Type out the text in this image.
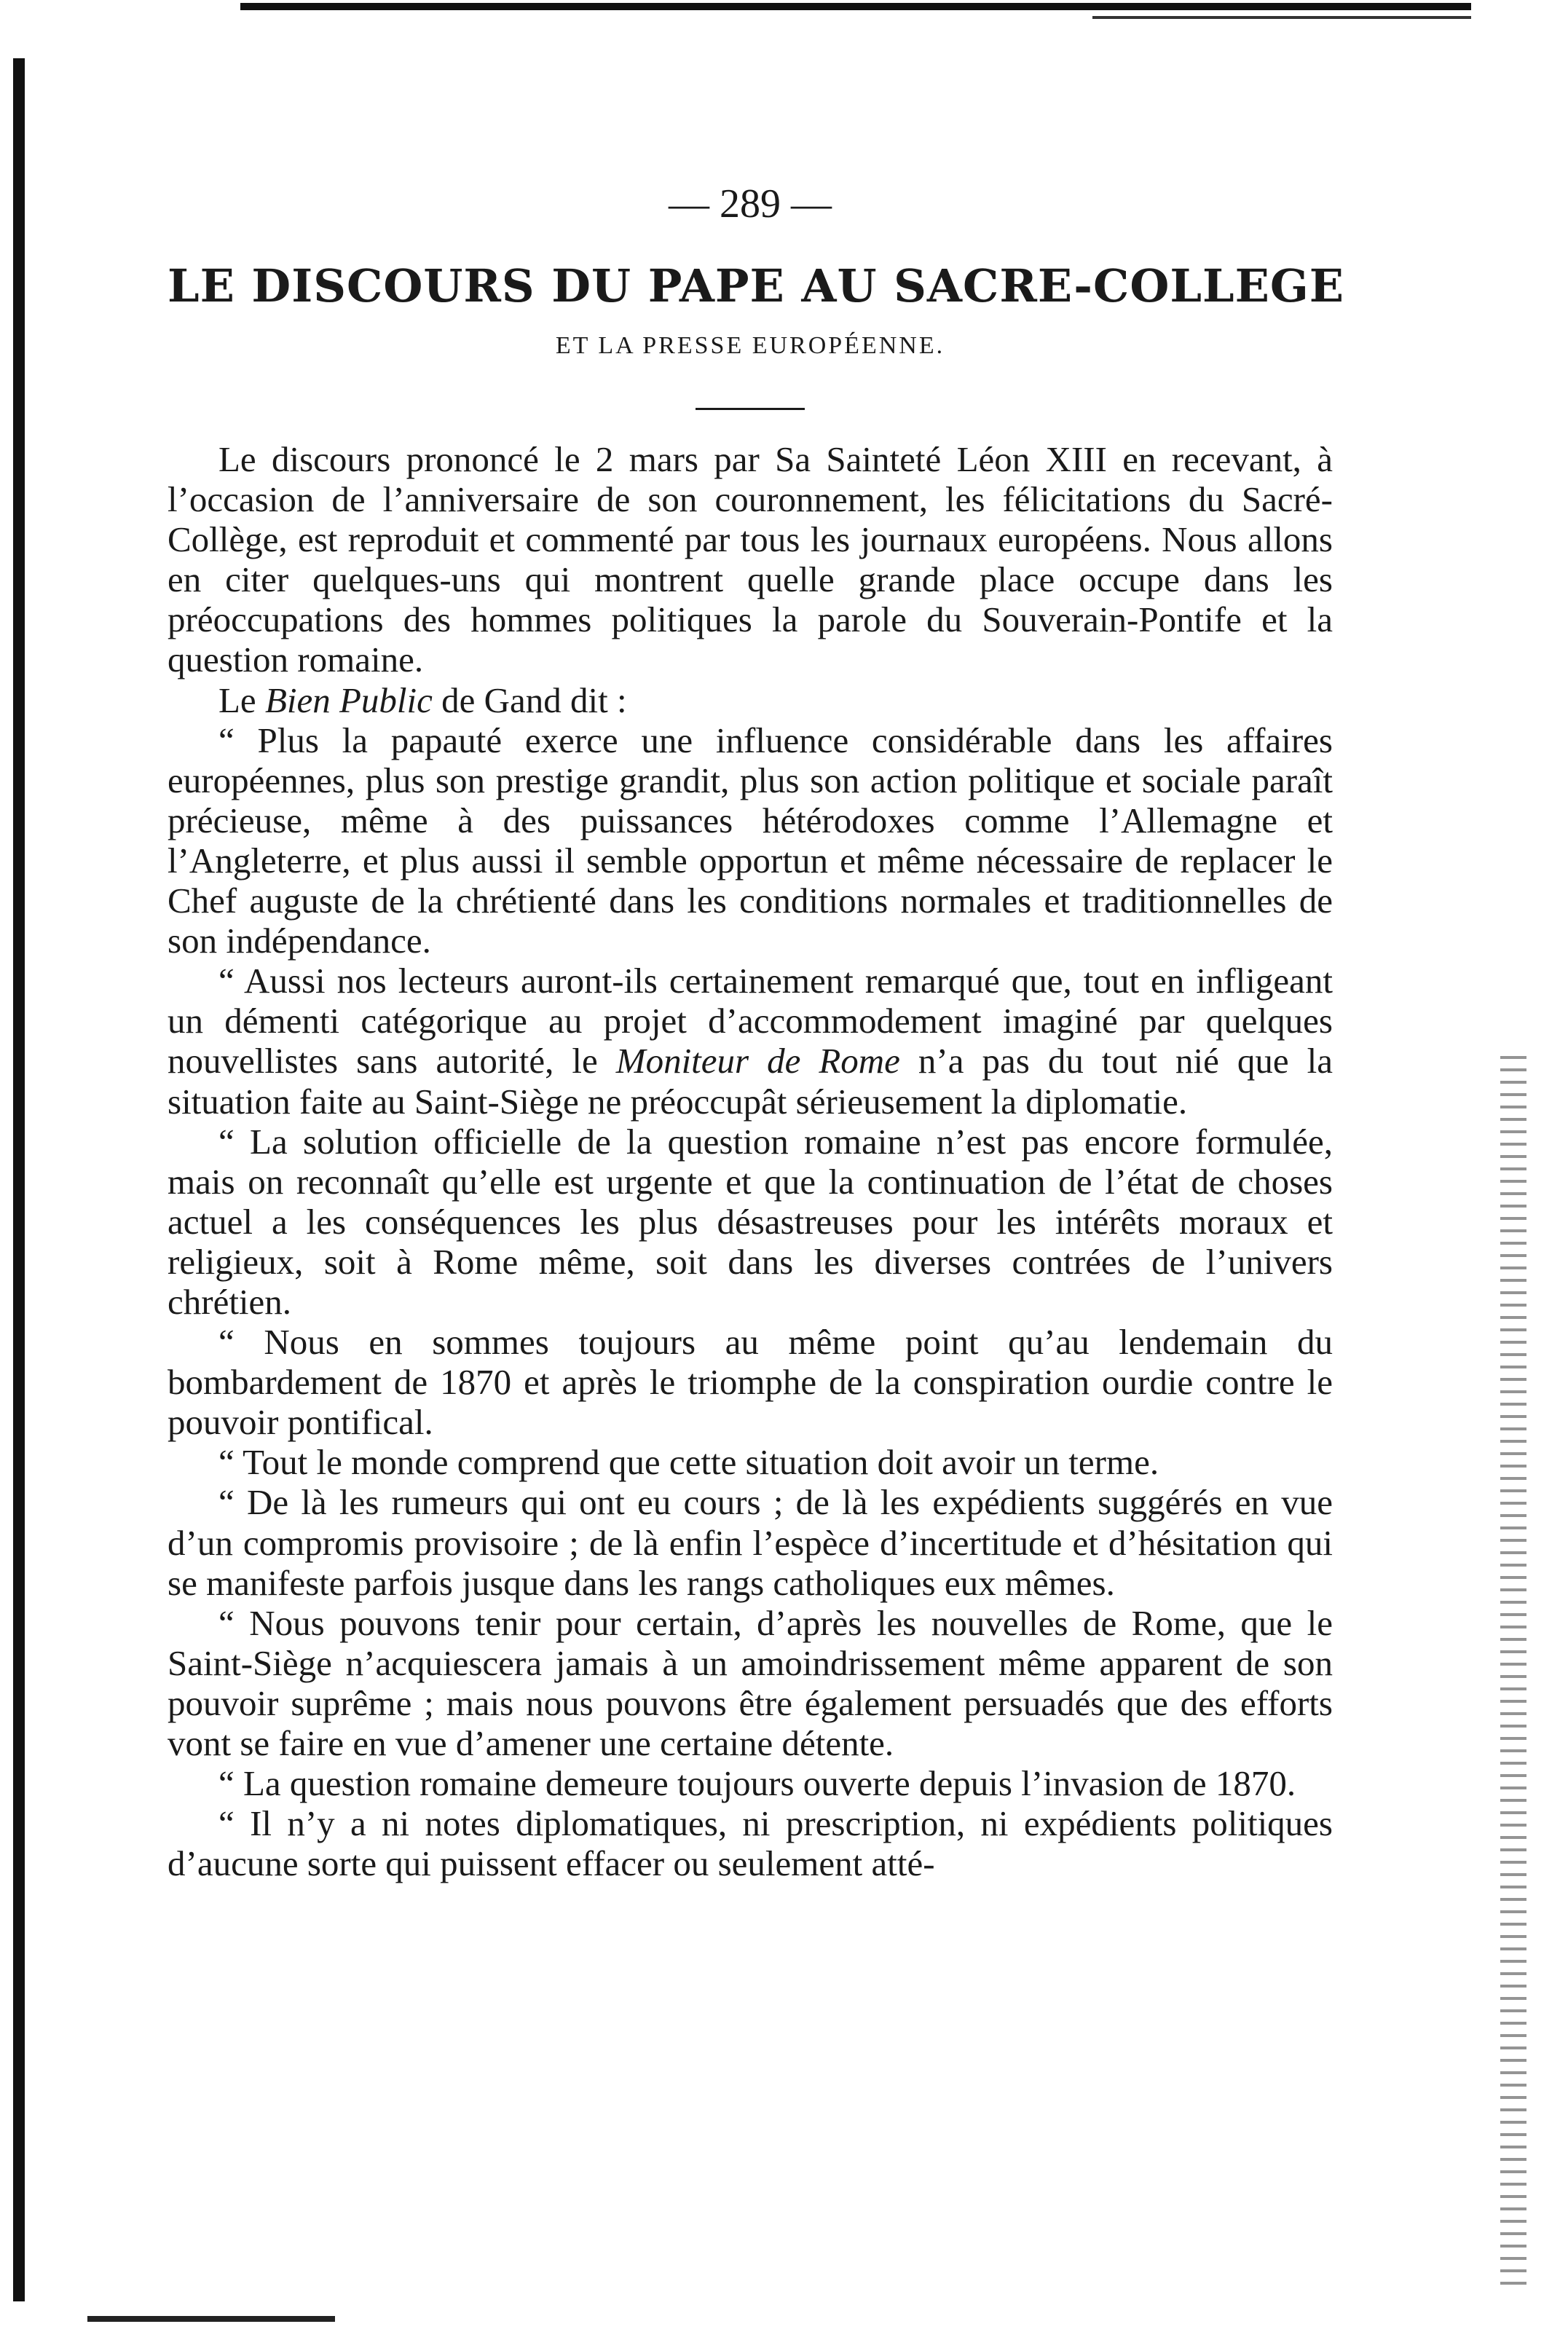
— 289 —
LE DISCOURS DU PAPE AU SACRE-COLLEGE
ET LA PRESSE EUROPÉENNE.

Le discours prononcé le 2 mars par Sa Sainteté Léon XIII en recevant, à l’occasion de l’anniversaire de son couronnement, les félicitations du Sacré-Collège, est reproduit et commenté par tous les journaux européens. Nous allons en citer quelques-uns qui montrent quelle grande place occupe dans les préoccupations des hommes politiques la parole du Souverain-Pontife et la question romaine.

Le Bien Public de Gand dit :

“ Plus la papauté exerce une influence considérable dans les affaires européennes, plus son prestige grandit, plus son action politique et sociale paraît précieuse, même à des puissances hétérodoxes comme l’Allemagne et l’Angleterre, et plus aussi il semble opportun et même nécessaire de replacer le Chef auguste de la chrétienté dans les conditions normales et traditionnelles de son indépendance.

“ Aussi nos lecteurs auront-ils certainement remarqué que, tout en infligeant un démenti catégorique au projet d’accommodement imaginé par quelques nouvellistes sans autorité, le Moniteur de Rome n’a pas du tout nié que la situation faite au Saint-Siège ne préoccupât sérieusement la diplomatie.

“ La solution officielle de la question romaine n’est pas encore formulée, mais on reconnaît qu’elle est urgente et que la continuation de l’état de choses actuel a les conséquences les plus désastreuses pour les intérêts moraux et religieux, soit à Rome même, soit dans les diverses contrées de l’univers chrétien.

“ Nous en sommes toujours au même point qu’au lendemain du bombardement de 1870 et après le triomphe de la conspiration ourdie contre le pouvoir pontifical.

“ Tout le monde comprend que cette situation doit avoir un terme.

“ De là les rumeurs qui ont eu cours ; de là les expédients suggérés en vue d’un compromis provisoire ; de là enfin l’espèce d’incertitude et d’hésitation qui se manifeste parfois jusque dans les rangs catholiques eux mêmes.

“ Nous pouvons tenir pour certain, d’après les nouvelles de Rome, que le Saint-Siège n’acquiescera jamais à un amoindrissement même apparent de son pouvoir suprême ; mais nous pouvons être également persuadés que des efforts vont se faire en vue d’amener une certaine détente.

“ La question romaine demeure toujours ouverte depuis l’invasion de 1870.

“ Il n’y a ni notes diplomatiques, ni prescription, ni expédients politiques d’aucune sorte qui puissent effacer ou seulement atté-
